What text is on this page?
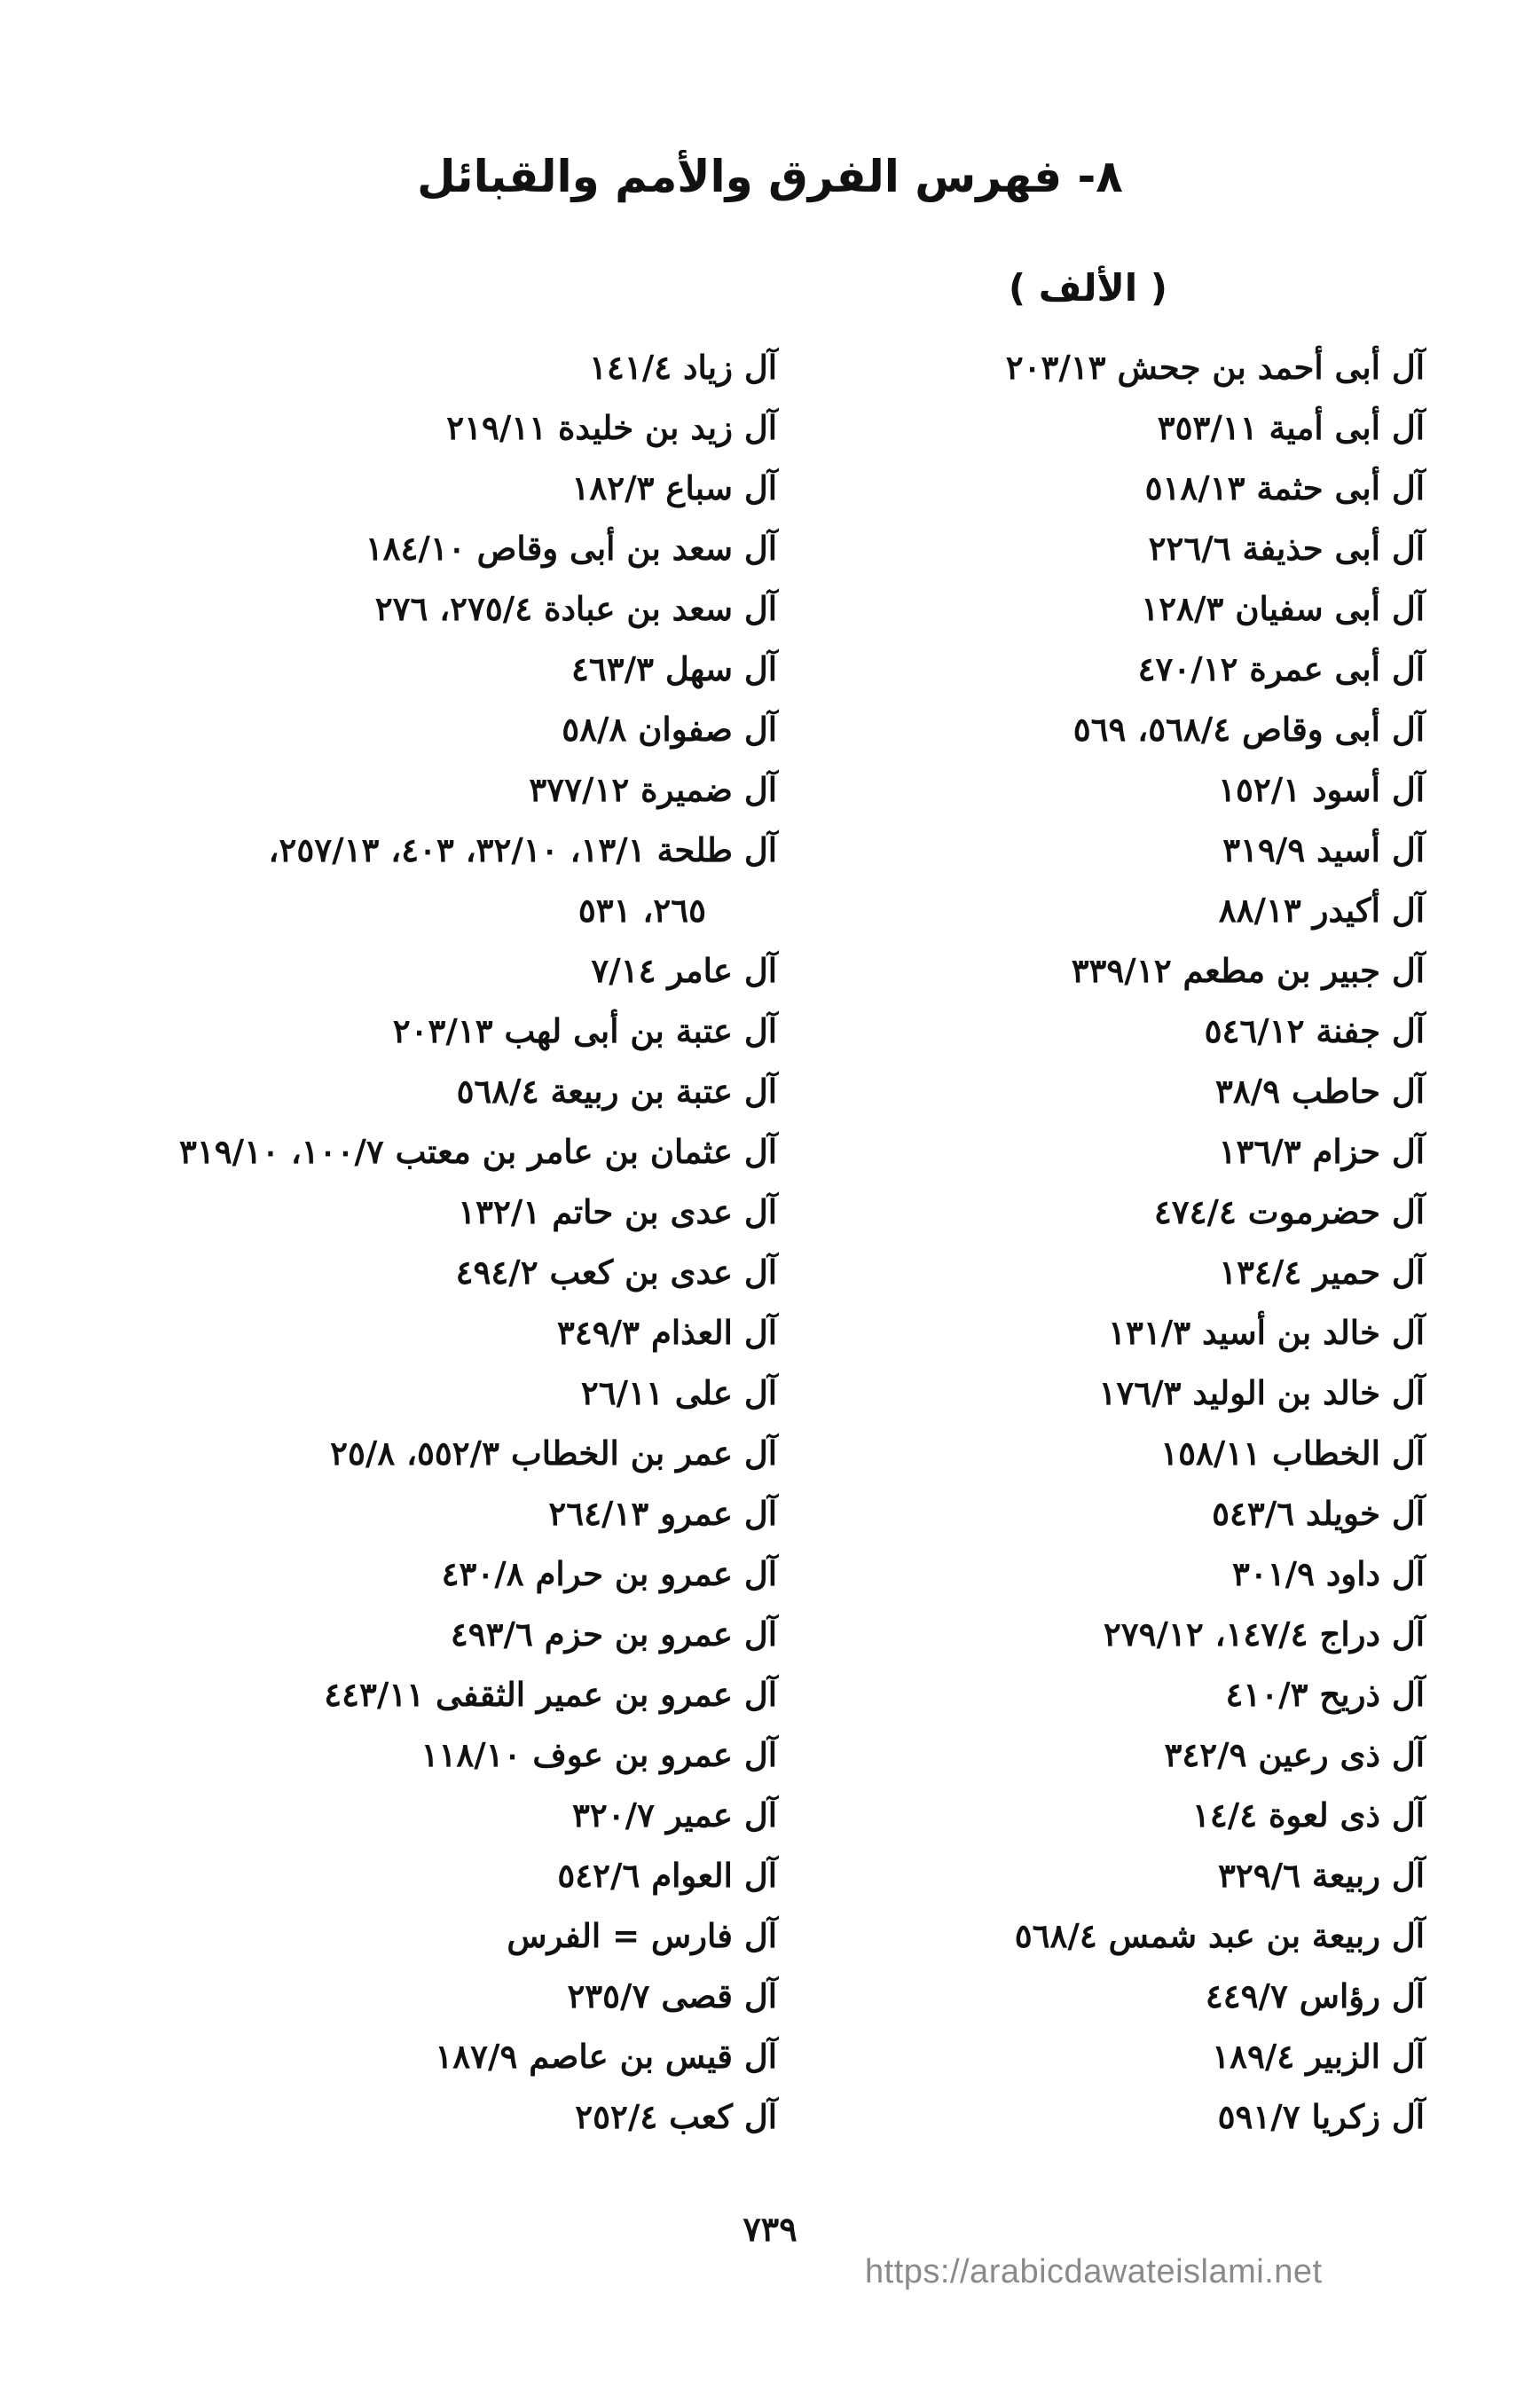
٨- فهرس الفرق والأمم والقبائل
( الألف )
آل أبى أحمد بن جحش ٢٠٣/١٣
آل أبى أمية ٣٥٣/١١
آل أبى حثمة ٥١٨/١٣
آل أبى حذيفة ٢٢٦/٦
آل أبى سفيان ١٢٨/٣
آل أبى عمرة ٤٧٠/١٢
آل أبى وقاص ٥٦٨/٤، ٥٦٩
آل أسود ١٥٢/١
آل أسيد ٣١٩/٩
آل أكيدر ٨٨/١٣
آل جبير بن مطعم ٣٣٩/١٢
آل جفنة ٥٤٦/١٢
آل حاطب ٣٨/٩
آل حزام ١٣٦/٣
آل حضرموت ٤٧٤/٤
آل حمير ١٣٤/٤
آل خالد بن أسيد ١٣١/٣
آل خالد بن الوليد ١٧٦/٣
آل الخطاب ١٥٨/١١
آل خويلد ٥٤٣/٦
آل داود ٣٠١/٩
آل دراج ١٤٧/٤، ٢٧٩/١٢
آل ذريح ٤١٠/٣
آل ذى رعين ٣٤٢/٩
آل ذى لعوة ١٤/٤
آل ربيعة ٣٢٩/٦
آل ربيعة بن عبد شمس ٥٦٨/٤
آل رؤاس ٤٤٩/٧
آل الزبير ١٨٩/٤
آل زكريا ٥٩١/٧
آل زياد ١٤١/٤
آل زيد بن خليدة ٢١٩/١١
آل سباع ١٨٢/٣
آل سعد بن أبى وقاص ١٨٤/١٠
آل سعد بن عبادة ٢٧٥/٤، ٢٧٦
آل سهل ٤٦٣/٣
آل صفوان ٥٨/٨
آل ضميرة ٣٧٧/١٢
آل طلحة ١٣/١، ٣٢/١٠، ٤٠٣، ٢٥٧/١٣،
٢٦٥، ٥٣١
آل عامر ٧/١٤
آل عتبة بن أبى لهب ٢٠٣/١٣
آل عتبة بن ربيعة ٥٦٨/٤
آل عثمان بن عامر بن معتب ١٠٠/٧، ٣١٩/١٠
آل عدى بن حاتم ١٣٢/١
آل عدى بن كعب ٤٩٤/٢
آل العذام ٣٤٩/٣
آل على ٢٦/١١
آل عمر بن الخطاب ٥٥٢/٣، ٢٥/٨
آل عمرو ٢٦٤/١٣
آل عمرو بن حرام ٤٣٠/٨
آل عمرو بن حزم ٤٩٣/٦
آل عمرو بن عمير الثقفى ٤٤٣/١١
آل عمرو بن عوف ١١٨/١٠
آل عمير ٣٢٠/٧
آل العوام ٥٤٢/٦
آل فارس = الفرس
آل قصى ٢٣٥/٧
آل قيس بن عاصم ١٨٧/٩
آل كعب ٢٥٢/٤
٧٣٩
https://arabicdawateislami.net
